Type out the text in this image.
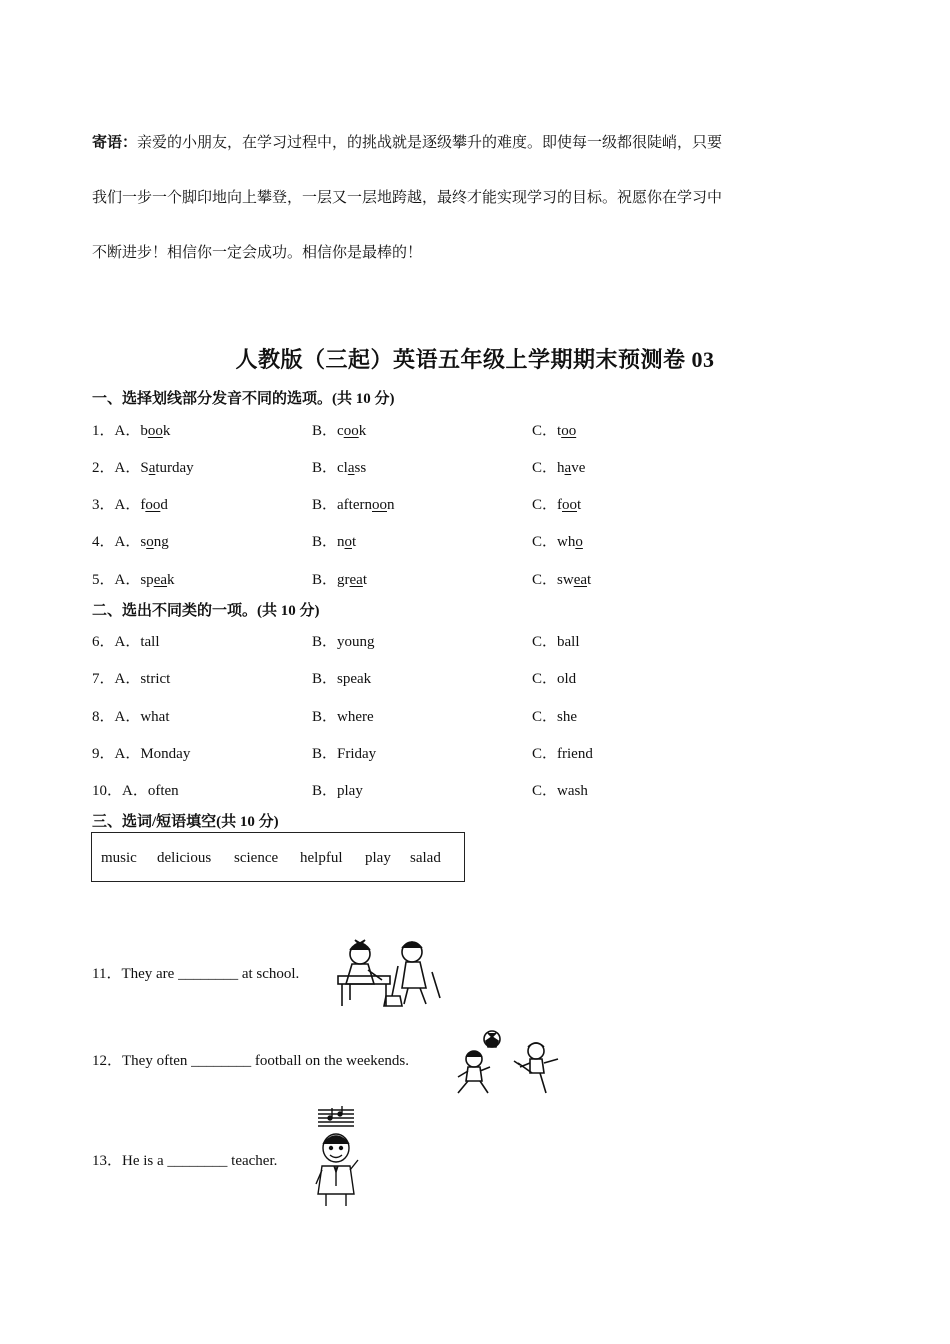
寄语：亲爱的小朋友，在学习过程中，的挑战就是逐级攀升的难度。即使每一级都很陡峭，只要
我们一步一个脚印地向上攀登，一层又一层地跨越，最终才能实现学习的目标。祝愿你在学习中
不断进步！相信你一定会成功。相信你是最棒的！
人教版（三起）英语五年级上学期期末预测卷 03
一、选择划线部分发音不同的选项。(共 10 分)
1．A．book	B．cook	C．too
2．A．Saturday	B．class	C．have
3．A．food	B．afternoon	C．foot
4．A．song	B．not	C．who
5．A．speak	B．great	C．sweat
二、选出不同类的一项。(共 10 分)
6．A．tall	B．young	C．ball
7．A．strict	B．speak	C．old
8．A．what	B．where	C．she
9．A．Monday	B．Friday	C．friend
10．A．often	B．play	C．wash
三、选词/短语填空(共 10 分)
music delicious science helpful play salad
11．They are ________ at school.
12．They often ________ football on the weekends.
13．He is a ________ teacher.
